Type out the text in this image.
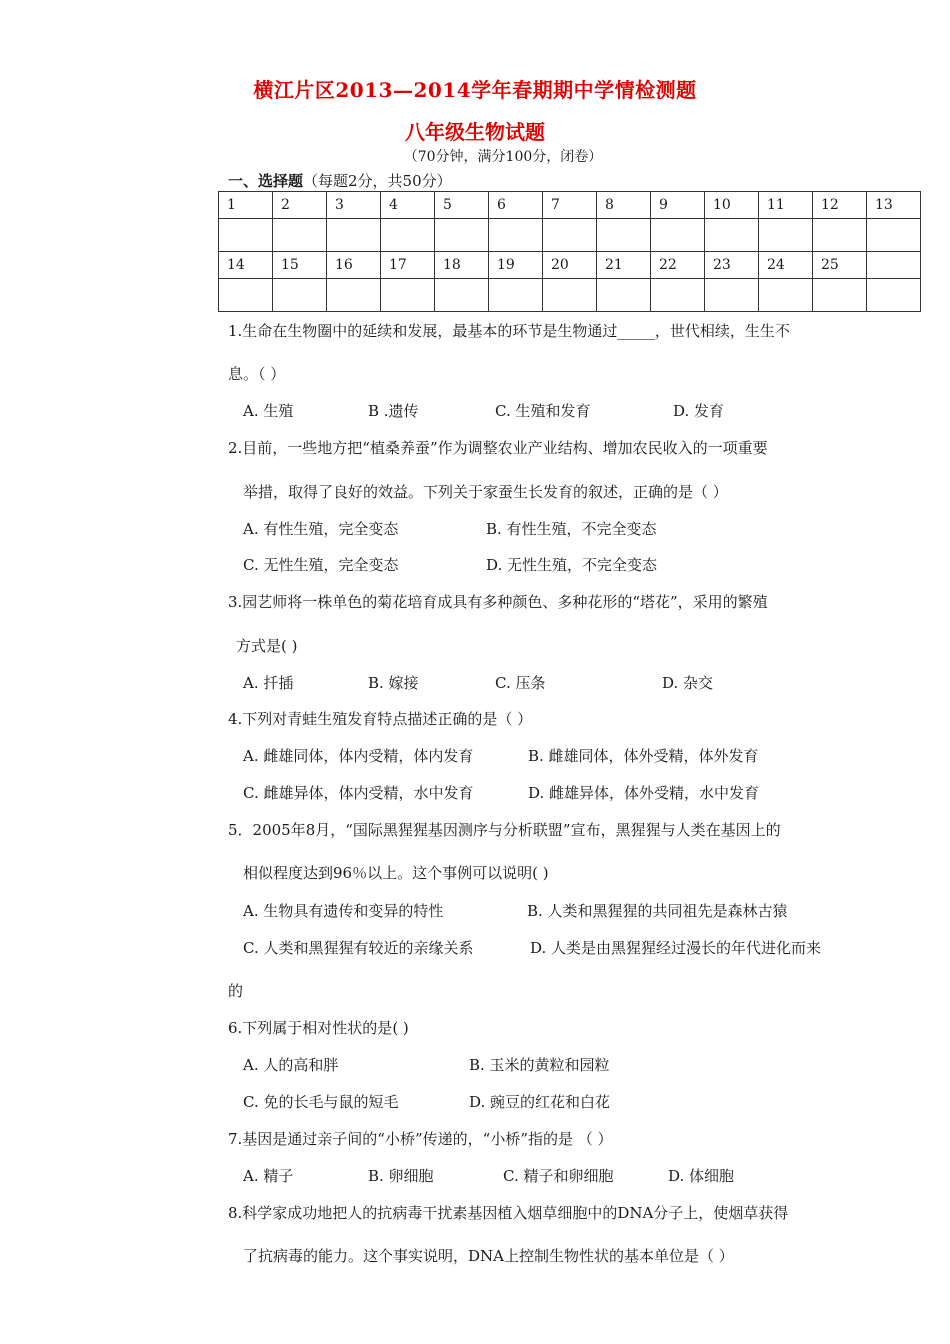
横江片区2013—2014学年春期期中学情检测题
八年级生物试题
（70分钟，满分100分，闭卷）
一、选择题（每题2分，共50分）
1	2	3	4	5	6	7	8	9	10	11	12	13

14	15	16	17	18	19	20	21	22	23	24	25	

1.生命在生物圈中的延续和发展，最基本的环节是生物通过_____，世代相续，生生不
息。（ ）
A. 生殖	B .遗传	C. 生殖和发育	D. 发育
2.目前，一些地方把“植桑养蚕”作为调整农业产业结构、增加农民收入的一项重要
举措，取得了良好的效益。下列关于家蚕生长发育的叙述，正确的是（ ）
A. 有性生殖，完全变态	B. 有性生殖，不完全变态
C. 无性生殖，完全变态	D. 无性生殖，不完全变态
3.园艺师将一株单色的菊花培育成具有多种颜色、多种花形的“塔花”，采用的繁殖
方式是( )
A. 扦插	B. 嫁接	C. 压条	D. 杂交
4.下列对青蛙生殖发育特点描述正确的是（ ）
A. 雌雄同体，体内受精，体内发育	B. 雌雄同体，体外受精，体外发育
C. 雌雄异体，体内受精，水中发育	D. 雌雄异体，体外受精，水中发育
5．2005年8月，“国际黑猩猩基因测序与分析联盟”宣布，黑猩猩与人类在基因上的
相似程度达到96％以上。这个事例可以说明( )
A. 生物具有遗传和变异的特性	B. 人类和黑猩猩的共同祖先是森林古猿
C. 人类和黑猩猩有较近的亲缘关系	D. 人类是由黑猩猩经过漫长的年代进化而来
的
6.下列属于相对性状的是( )
A. 人的高和胖	B. 玉米的黄粒和园粒
C. 免的长毛与鼠的短毛	D. 豌豆的红花和白花
7.基因是通过亲子间的“小桥”传递的，“小桥”指的是 （ ）
A. 精子	B. 卵细胞	C. 精子和卵细胞	D. 体细胞
8.科学家成功地把人的抗病毒干扰素基因植入烟草细胞中的DNA分子上，使烟草获得
了抗病毒的能力。这个事实说明，DNA上控制生物性状的基本单位是（ ）
